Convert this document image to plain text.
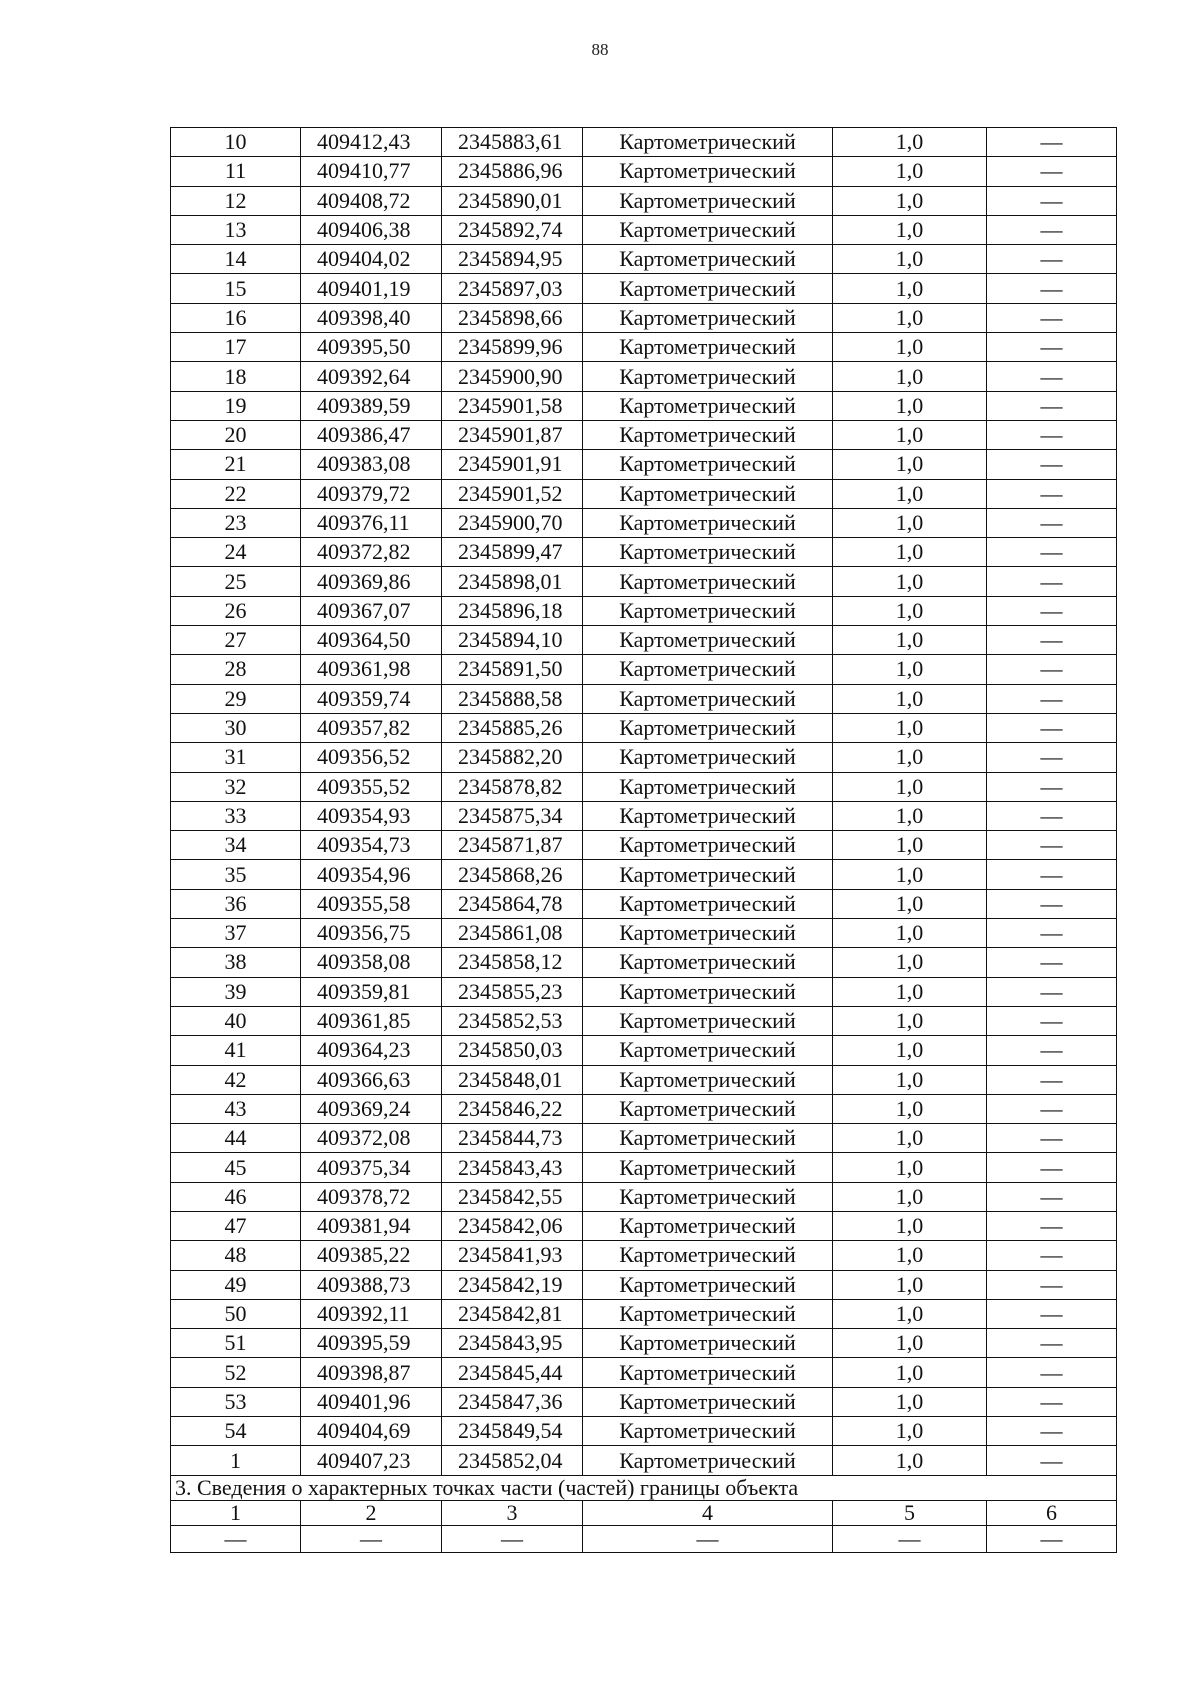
88
10	409412,43	2345883,61	Картометрический	1,0	—
11	409410,77	2345886,96	Картометрический	1,0	—
12	409408,72	2345890,01	Картометрический	1,0	—
13	409406,38	2345892,74	Картометрический	1,0	—
14	409404,02	2345894,95	Картометрический	1,0	—
15	409401,19	2345897,03	Картометрический	1,0	—
16	409398,40	2345898,66	Картометрический	1,0	—
17	409395,50	2345899,96	Картометрический	1,0	—
18	409392,64	2345900,90	Картометрический	1,0	—
19	409389,59	2345901,58	Картометрический	1,0	—
20	409386,47	2345901,87	Картометрический	1,0	—
21	409383,08	2345901,91	Картометрический	1,0	—
22	409379,72	2345901,52	Картометрический	1,0	—
23	409376,11	2345900,70	Картометрический	1,0	—
24	409372,82	2345899,47	Картометрический	1,0	—
25	409369,86	2345898,01	Картометрический	1,0	—
26	409367,07	2345896,18	Картометрический	1,0	—
27	409364,50	2345894,10	Картометрический	1,0	—
28	409361,98	2345891,50	Картометрический	1,0	—
29	409359,74	2345888,58	Картометрический	1,0	—
30	409357,82	2345885,26	Картометрический	1,0	—
31	409356,52	2345882,20	Картометрический	1,0	—
32	409355,52	2345878,82	Картометрический	1,0	—
33	409354,93	2345875,34	Картометрический	1,0	—
34	409354,73	2345871,87	Картометрический	1,0	—
35	409354,96	2345868,26	Картометрический	1,0	—
36	409355,58	2345864,78	Картометрический	1,0	—
37	409356,75	2345861,08	Картометрический	1,0	—
38	409358,08	2345858,12	Картометрический	1,0	—
39	409359,81	2345855,23	Картометрический	1,0	—
40	409361,85	2345852,53	Картометрический	1,0	—
41	409364,23	2345850,03	Картометрический	1,0	—
42	409366,63	2345848,01	Картометрический	1,0	—
43	409369,24	2345846,22	Картометрический	1,0	—
44	409372,08	2345844,73	Картометрический	1,0	—
45	409375,34	2345843,43	Картометрический	1,0	—
46	409378,72	2345842,55	Картометрический	1,0	—
47	409381,94	2345842,06	Картометрический	1,0	—
48	409385,22	2345841,93	Картометрический	1,0	—
49	409388,73	2345842,19	Картометрический	1,0	—
50	409392,11	2345842,81	Картометрический	1,0	—
51	409395,59	2345843,95	Картометрический	1,0	—
52	409398,87	2345845,44	Картометрический	1,0	—
53	409401,96	2345847,36	Картометрический	1,0	—
54	409404,69	2345849,54	Картометрический	1,0	—
1	409407,23	2345852,04	Картометрический	1,0	—
3. Сведения о характерных точках части (частей) границы объекта					
1	2	3	4	5	6
—	—	—	—	—	—
